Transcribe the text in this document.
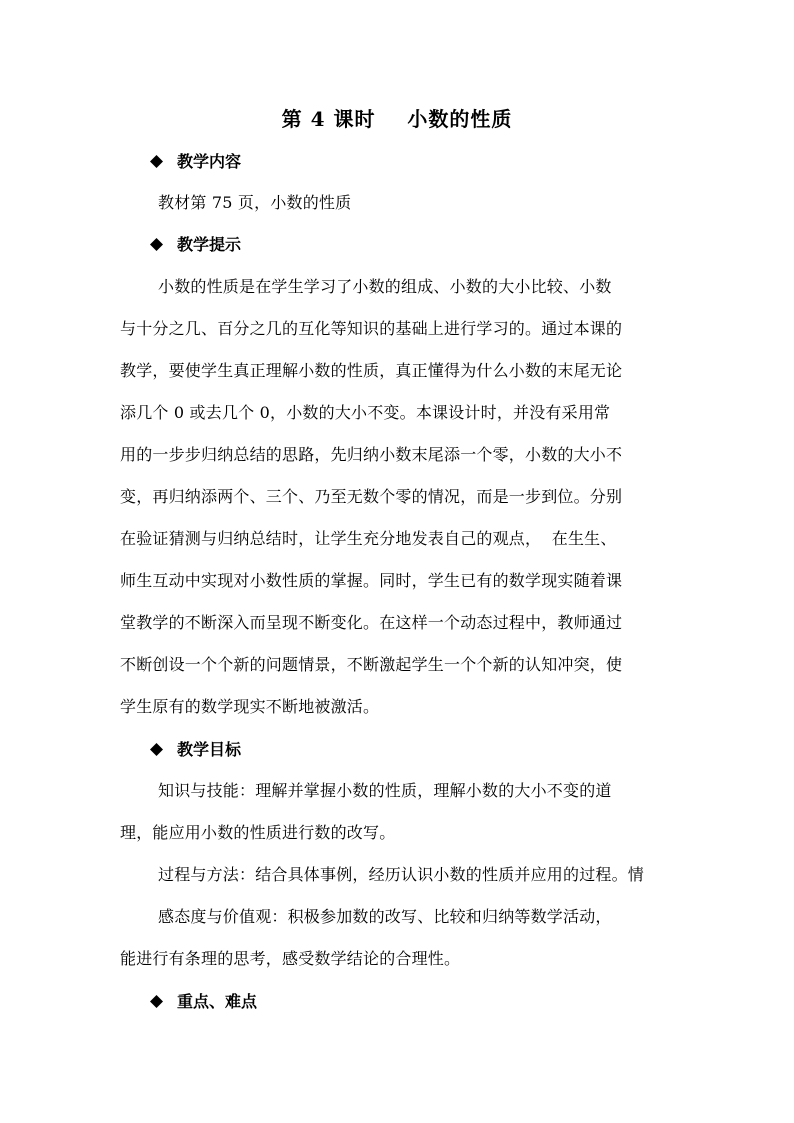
第 4 课时    小数的性质
教学内容
教材第 75 页，小数的性质
教学提示
小数的性质是在学生学习了小数的组成、小数的大小比较、小数
与十分之几、百分之几的互化等知识的基础上进行学习的。通过本课的
教学，要使学生真正理解小数的性质，真正懂得为什么小数的末尾无论
添几个 0 或去几个 0，小数的大小不变。本课设计时，并没有采用常
用的一步步归纳总结的思路，先归纳小数末尾添一个零，小数的大小不
变，再归纳添两个、三个、乃至无数个零的情况，而是一步到位。分别
在验证猜测与归纳总结时，让学生充分地发表自己的观点，  在生生、
师生互动中实现对小数性质的掌握。同时，学生已有的数学现实随着课
堂教学的不断深入而呈现不断变化。在这样一个动态过程中，教师通过
不断创设一个个新的问题情景，不断激起学生一个个新的认知冲突，使
学生原有的数学现实不断地被激活。
教学目标
知识与技能：理解并掌握小数的性质，理解小数的大小不变的道
理，能应用小数的性质进行数的改写。
过程与方法：结合具体事例，经历认识小数的性质并应用的过程。情
感态度与价值观：积极参加数的改写、比较和归纳等数学活动，
能进行有条理的思考，感受数学结论的合理性。
重点、难点
